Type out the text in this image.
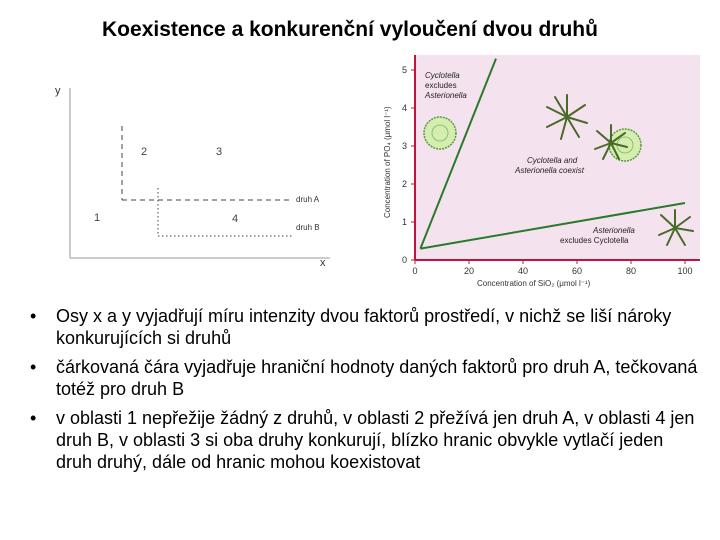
Koexistence a konkurenční vyloučení dvou druhů
y
x
druh A
druh B
1
2	3
4
0
1
2
3
4
5
0	20	40	60	80	100
Concentration of PO₄ (μmol l⁻¹)
Concentration of SiO₂ (μmol l⁻¹)
Cyclotella
excludes
Asterionella
Cyclotella and
Asterionella coexist
Asterionella
excludes Cyclotella
• Osy x a y vyjadřují míru intenzity dvou faktorů prostředí, v nichž se liší nároky konkurujících si druhů
• čárkovaná čára vyjadřuje hraniční hodnoty daných faktorů pro druh A, tečkovaná totéž pro druh B
• v oblasti 1 nepřežije žádný z druhů, v oblasti 2 přežívá jen druh A, v oblasti 4 jen druh B, v oblasti 3 si oba druhy konkurují, blízko hranic obvykle vytlačí jeden druh druhý, dále od hranic mohou koexistovat
